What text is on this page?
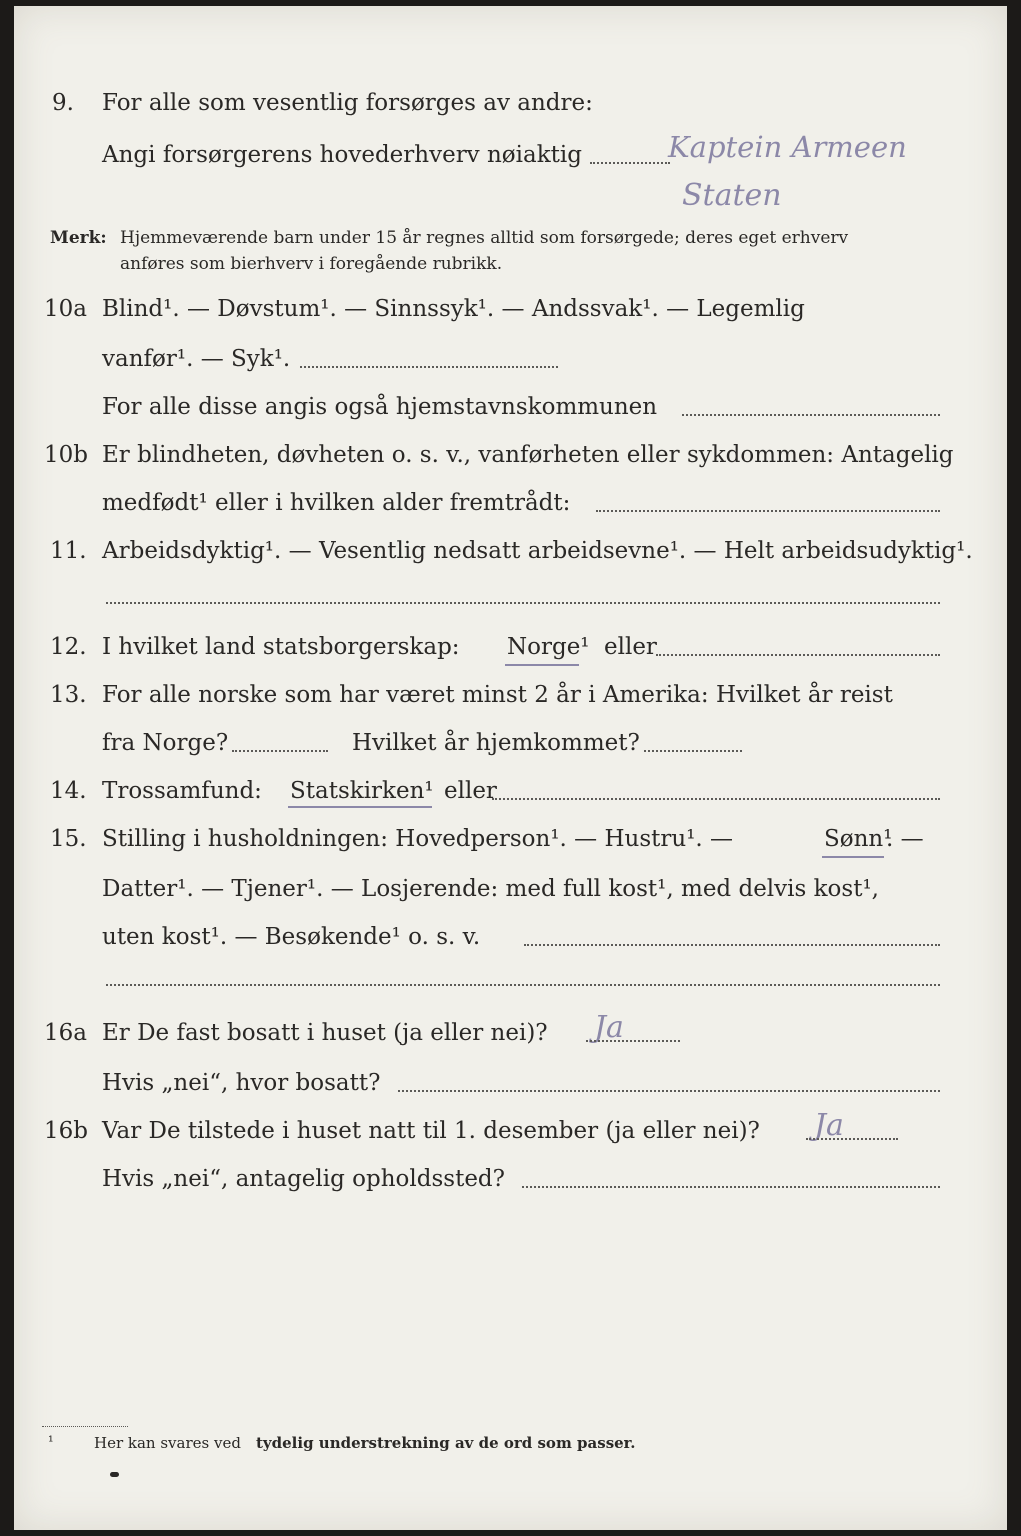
9. For alle som vesentlig forsørges av andre:
Angi forsørgerens hovederhverv nøiaktig	Kaptein Armeen
Staten
Merk: Hjemmeværende barn under 15 år regnes alltid som forsørgede; deres eget erhverv
anføres som bierhverv i foregående rubrikk.
10a Blind¹. — Døvstum¹. — Sinnssyk¹. — Andssvak¹. — Legemlig
vanfør¹. — Syk¹.
For alle disse angis også hjemstavnskommunen
10b Er blindheten, døvheten o. s. v., vanførheten eller sykdommen: Antagelig
medfødt¹ eller i hvilken alder fremtrådt:
11. Arbeidsdyktig¹. — Vesentlig nedsatt arbeidsevne¹. — Helt arbeidsudyktig¹.
12. I hvilket land statsborgerskap: Norge¹ eller
13. For alle norske som har været minst 2 år i Amerika: Hvilket år reist
fra Norge?	Hvilket år hjemkommet?
14. Trossamfund: Statskirken¹ eller
15. Stilling i husholdningen: Hovedperson¹. — Hustru¹. —	Sønn¹
. —
Datter¹. — Tjener¹. — Losjerende: med full kost¹, med delvis kost¹,
uten kost¹. — Besøkende¹ o. s. v.
16a Er De fast bosatt i huset (ja eller nei)? Ja
Hvis „nei“, hvor bosatt?
16b Var De tilstede i huset natt til 1. desember (ja eller nei)? Ja
Hvis „nei“, antagelig opholdssted?
¹	Her kan svares ved tydelig understrekning av de ord som passer.
